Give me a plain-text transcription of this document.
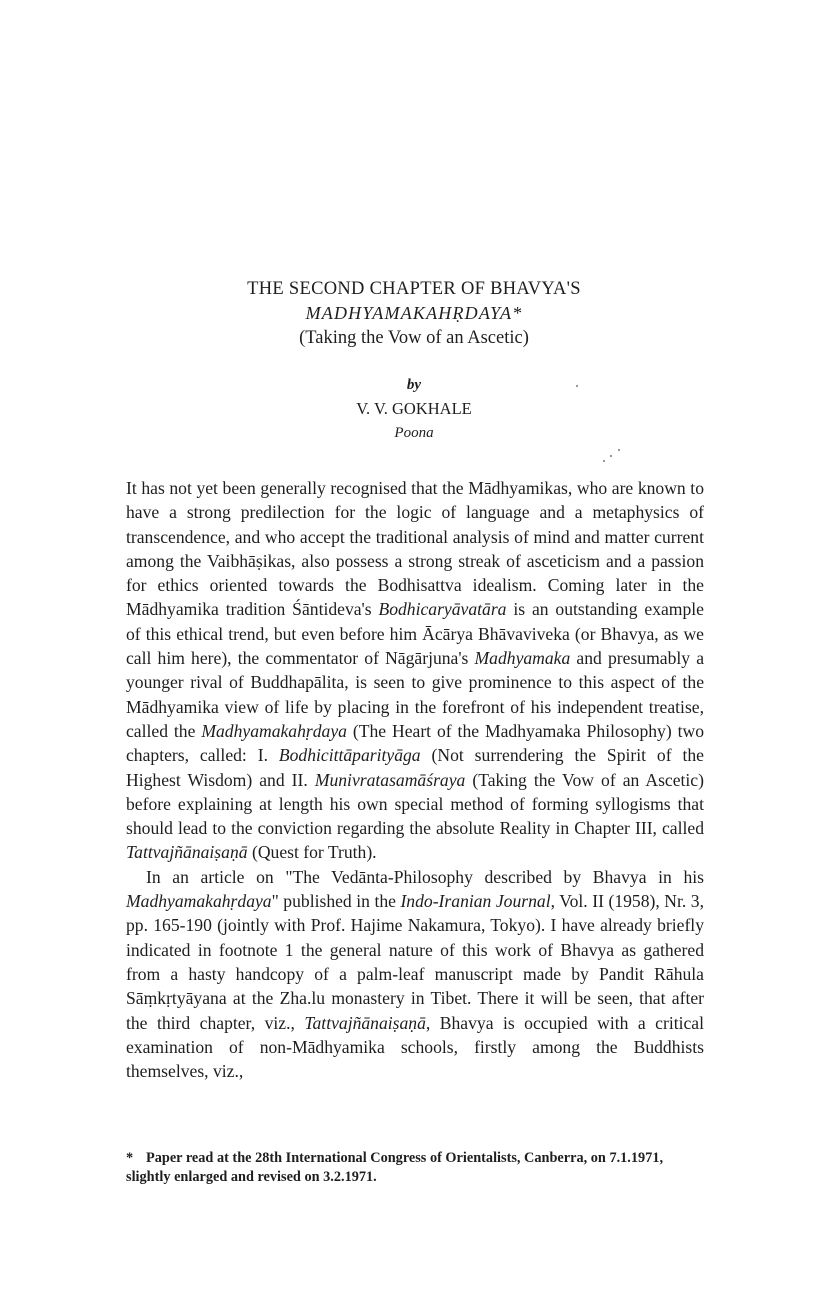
THE SECOND CHAPTER OF BHAVYA'S
MADHYAMAKAHṚDAYA*
(Taking the Vow of an Ascetic)
by
V. V. GOKHALE
Poona

It has not yet been generally recognised that the Mādhyamikas, who are known to have a strong predilection for the logic of language and a metaphysics of transcendence, and who accept the traditional analysis of mind and matter current among the Vaibhāṣikas, also possess a strong streak of asceticism and a passion for ethics oriented towards the Bodhisattva idealism. Coming later in the Mādhyamika tradition Śāntideva's Bodhicaryāvatāra is an outstanding example of this ethical trend, but even before him Ācārya Bhāvaviveka (or Bhavya, as we call him here), the commentator of Nāgārjuna's Madhyamaka and presumably a younger rival of Buddhapālita, is seen to give prominence to this aspect of the Mādhyamika view of life by placing in the forefront of his independent treatise, called the Madhyamakahṛdaya (The Heart of the Madhyamaka Philosophy) two chapters, called: I. Bodhicittāparityāga (Not surrendering the Spirit of the Highest Wisdom) and II. Munivratasamāśraya (Taking the Vow of an Ascetic) before explaining at length his own special method of forming syllogisms that should lead to the conviction regarding the absolute Reality in Chapter III, called Tattvajñānaiṣaṇā (Quest for Truth).

In an article on "The Vedānta-Philosophy described by Bhavya in his Madhyamakahṛdaya" published in the Indo-Iranian Journal, Vol. II (1958), Nr. 3, pp. 165-190 (jointly with Prof. Hajime Nakamura, Tokyo). I have already briefly indicated in footnote 1 the general nature of this work of Bhavya as gathered from a hasty handcopy of a palm-leaf manuscript made by Pandit Rāhula Sāṃkṛtyāyana at the Zha.lu monastery in Tibet. There it will be seen, that after the third chapter, viz., Tattvajñānaiṣaṇā, Bhavya is occupied with a critical examination of non-Mādhyamika schools, firstly among the Buddhists themselves, viz.,

* Paper read at the 28th International Congress of Orientalists, Canberra, on 7.1.1971, slightly enlarged and revised on 3.2.1971.
